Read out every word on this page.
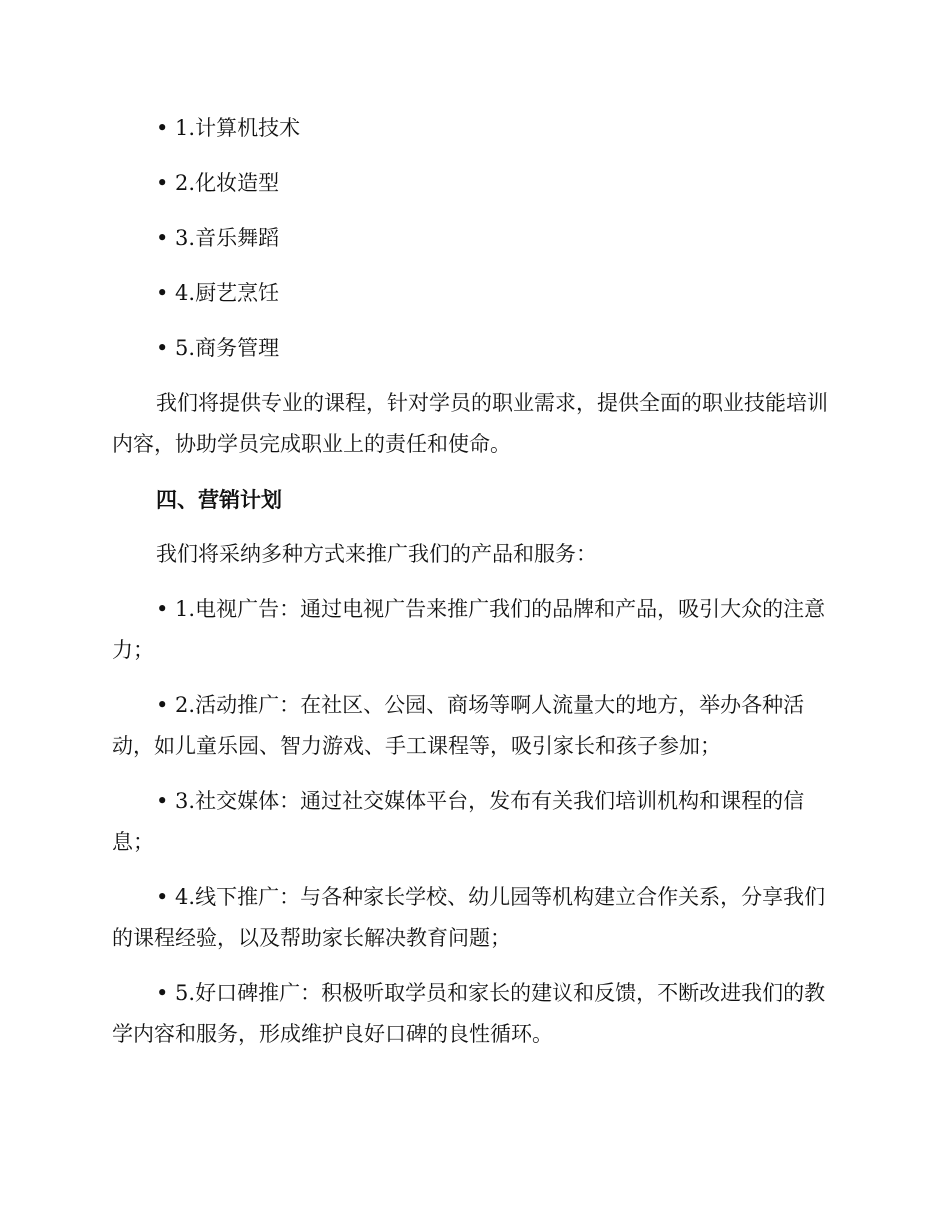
• 1.计算机技术

• 2.化妆造型

• 3.音乐舞蹈

• 4.厨艺烹饪

• 5.商务管理

我们将提供专业的课程，针对学员的职业需求，提供全面的职业技能培训内容，协助学员完成职业上的责任和使命。

四、营销计划

我们将采纳多种方式来推广我们的产品和服务：

• 1.电视广告：通过电视广告来推广我们的品牌和产品，吸引大众的注意力；

• 2.活动推广：在社区、公园、商场等啊人流量大的地方，举办各种活动，如儿童乐园、智力游戏、手工课程等，吸引家长和孩子参加；

• 3.社交媒体：通过社交媒体平台，发布有关我们培训机构和课程的信息；

• 4.线下推广：与各种家长学校、幼儿园等机构建立合作关系，分享我们的课程经验，以及帮助家长解决教育问题；

• 5.好口碑推广：积极听取学员和家长的建议和反馈，不断改进我们的教学内容和服务，形成维护良好口碑的良性循环。
